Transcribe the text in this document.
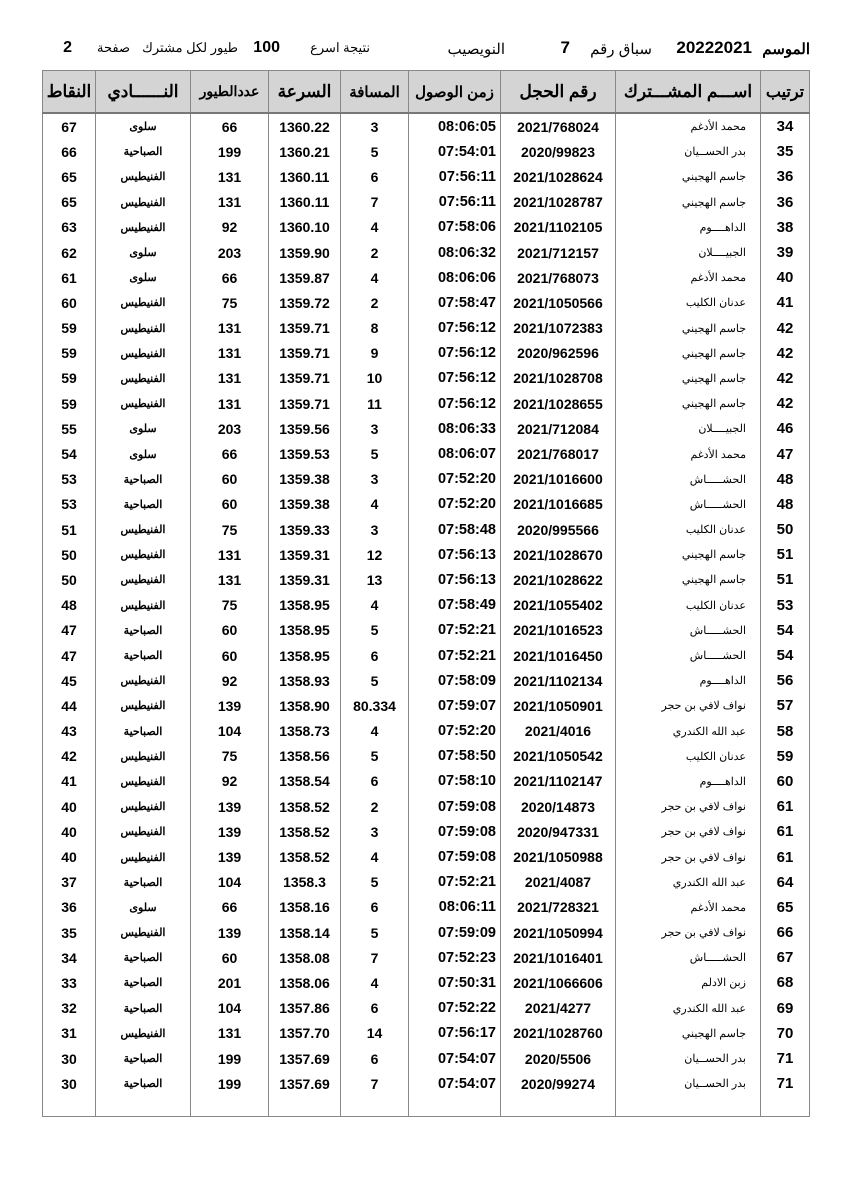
الموسم
20222021
سباق رقم
7
النويصيب
نتيجة اسرع
100
طيور لكل مشترك
صفحة
2
النقاط	النــــــادي	عددالطيور	السرعة	المسافة	زمن الوصول	رقم الحجل	اســـم المشـــترك	ترتيب
67	سلوى	66	1360.22	3	08:06:05	2021/768024	محمد الأدغم	34
66	الصباحية	199	1360.21	5	07:54:01	2020/99823	بدر الحســيان	35
65	الفنيطيس	131	1360.11	6	07:56:11	2021/1028624	جاسم الهجيني	36
65	الفنيطيس	131	1360.11	7	07:56:11	2021/1028787	جاسم الهجيني	36
63	الفنيطيس	92	1360.10	4	07:58:06	2021/1102105	الداهــــوم	38
62	سلوى	203	1359.90	2	08:06:32	2021/712157	الجبيــــلان	39
61	سلوى	66	1359.87	4	08:06:06	2021/768073	محمد الأدغم	40
60	الفنيطيس	75	1359.72	2	07:58:47	2021/1050566	عدنان الكليب	41
59	الفنيطيس	131	1359.71	8	07:56:12	2021/1072383	جاسم الهجيني	42
59	الفنيطيس	131	1359.71	9	07:56:12	2020/962596	جاسم الهجيني	42
59	الفنيطيس	131	1359.71	10	07:56:12	2021/1028708	جاسم الهجيني	42
59	الفنيطيس	131	1359.71	11	07:56:12	2021/1028655	جاسم الهجيني	42
55	سلوى	203	1359.56	3	08:06:33	2021/712084	الجبيــــلان	46
54	سلوى	66	1359.53	5	08:06:07	2021/768017	محمد الأدغم	47
53	الصباحية	60	1359.38	3	07:52:20	2021/1016600	الحشـــــاش	48
53	الصباحية	60	1359.38	4	07:52:20	2021/1016685	الحشـــــاش	48
51	الفنيطيس	75	1359.33	3	07:58:48	2020/995566	عدنان الكليب	50
50	الفنيطيس	131	1359.31	12	07:56:13	2021/1028670	جاسم الهجيني	51
50	الفنيطيس	131	1359.31	13	07:56:13	2021/1028622	جاسم الهجيني	51
48	الفنيطيس	75	1358.95	4	07:58:49	2021/1055402	عدنان الكليب	53
47	الصباحية	60	1358.95	5	07:52:21	2021/1016523	الحشـــــاش	54
47	الصباحية	60	1358.95	6	07:52:21	2021/1016450	الحشـــــاش	54
45	الفنيطيس	92	1358.93	5	07:58:09	2021/1102134	الداهــــوم	56
44	الفنيطيس	139	1358.90	80.334	07:59:07	2021/1050901	نواف لافي بن حجر	57
43	الصباحية	104	1358.73	4	07:52:20	2021/4016	عبد الله الكندري	58
42	الفنيطيس	75	1358.56	5	07:58:50	2021/1050542	عدنان الكليب	59
41	الفنيطيس	92	1358.54	6	07:58:10	2021/1102147	الداهــــوم	60
40	الفنيطيس	139	1358.52	2	07:59:08	2020/14873	نواف لافي بن حجر	61
40	الفنيطيس	139	1358.52	3	07:59:08	2020/947331	نواف لافي بن حجر	61
40	الفنيطيس	139	1358.52	4	07:59:08	2021/1050988	نواف لافي بن حجر	61
37	الصباحية	104	1358.3	5	07:52:21	2021/4087	عبد الله الكندري	64
36	سلوى	66	1358.16	6	08:06:11	2021/728321	محمد الأدغم	65
35	الفنيطيس	139	1358.14	5	07:59:09	2021/1050994	نواف لافي بن حجر	66
34	الصباحية	60	1358.08	7	07:52:23	2021/1016401	الحشـــــاش	67
33	الصباحية	201	1358.06	4	07:50:31	2021/1066606	زبن الادلم	68
32	الصباحية	104	1357.86	6	07:52:22	2021/4277	عبد الله الكندري	69
31	الفنيطيس	131	1357.70	14	07:56:17	2021/1028760	جاسم الهجيني	70
30	الصباحية	199	1357.69	6	07:54:07	2020/5506	بدر الحســيان	71
30	الصباحية	199	1357.69	7	07:54:07	2020/99274	بدر الحســيان	71
